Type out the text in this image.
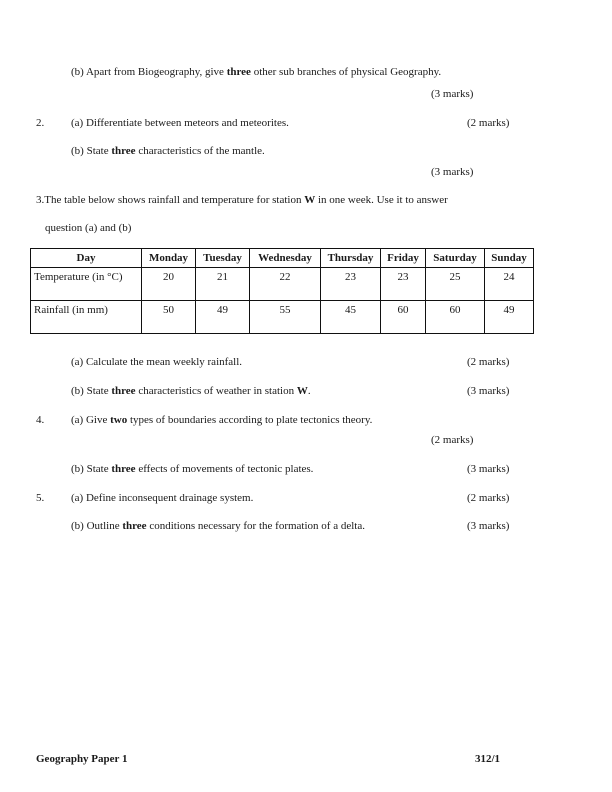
(b) Apart from Biogeography, give three other sub branches of physical Geography.
(3 marks)
2. (a) Differentiate between meteors and meteorites.	(2 marks)
(b) State three characteristics of the mantle.
(3 marks)
3.The table below shows rainfall and temperature for station W in one week. Use it to answer
question (a) and (b)
Day	Monday	Tuesday	Wednesday	Thursday	Friday	Saturday	Sunday
Temperature (in °C)	20	21	22	23	23	25	24
Rainfall (in mm)	50	49	55	45	60	60	49
(a) Calculate the mean weekly rainfall.	(2 marks)
(b) State three characteristics of weather in station W.	(3 marks)
4. (a) Give two types of boundaries according to plate tectonics theory.
(2 marks)
(b) State three effects of movements of tectonic plates.	(3 marks)
5. (a) Define inconsequent drainage system.	(2 marks)
(b) Outline three conditions necessary for the formation of a delta.	(3 marks)
Geography Paper 1	312/1
